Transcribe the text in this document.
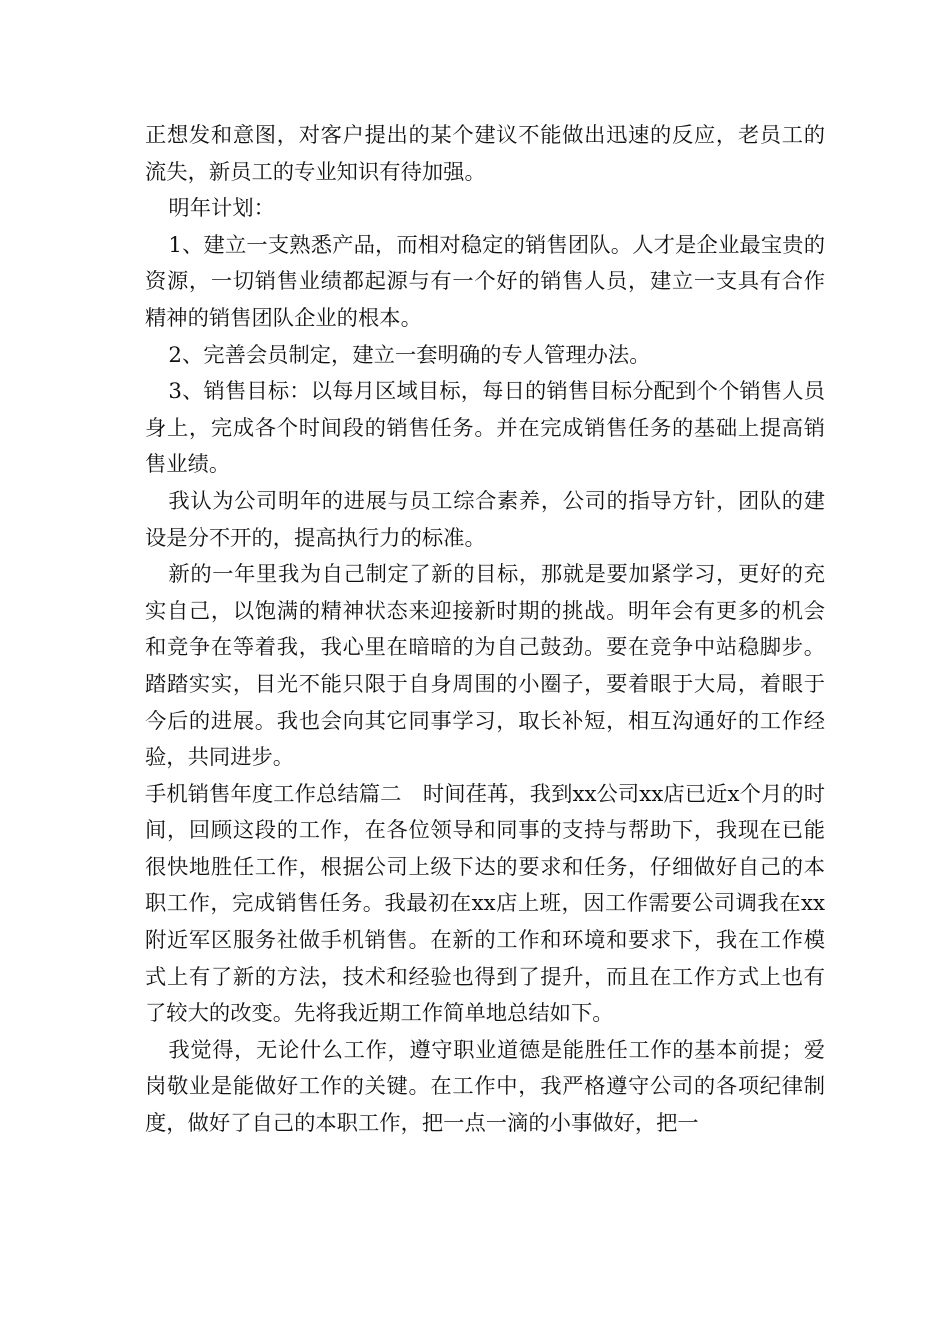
正想发和意图，对客户提出的某个建议不能做出迅速的反应，老员工的流失，新员工的专业知识有待加强。

明年计划：

1、建立一支熟悉产品，而相对稳定的销售团队。人才是企业最宝贵的资源，一切销售业绩都起源与有一个好的销售人员，建立一支具有合作精神的销售团队企业的根本。

2、完善会员制定，建立一套明确的专人管理办法。

3、销售目标：以每月区域目标，每日的销售目标分配到个个销售人员身上，完成各个时间段的销售任务。并在完成销售任务的基础上提高销售业绩。

我认为公司明年的进展与员工综合素养，公司的指导方针，团队的建设是分不开的，提高执行力的标准。

新的一年里我为自己制定了新的目标，那就是要加紧学习，更好的充实自己，以饱满的精神状态来迎接新时期的挑战。明年会有更多的机会和竞争在等着我，我心里在暗暗的为自己鼓劲。要在竞争中站稳脚步。踏踏实实，目光不能只限于自身周围的小圈子，要着眼于大局，着眼于今后的进展。我也会向其它同事学习，取长补短，相互沟通好的工作经验，共同进步。

手机销售年度工作总结篇二　时间荏苒，我到xx公司xx店已近x个月的时间，回顾这段的工作，在各位领导和同事的支持与帮助下，我现在已能很快地胜任工作，根据公司上级下达的要求和任务，仔细做好自己的本职工作，完成销售任务。我最初在xx店上班，因工作需要公司调我在xx附近军区服务社做手机销售。在新的工作和环境和要求下，我在工作模式上有了新的方法，技术和经验也得到了提升，而且在工作方式上也有了较大的改变。先将我近期工作简单地总结如下。

我觉得，无论什么工作，遵守职业道德是能胜任工作的基本前提；爱岗敬业是能做好工作的关键。在工作中，我严格遵守公司的各项纪律制度，做好了自己的本职工作，把一点一滴的小事做好，把一
